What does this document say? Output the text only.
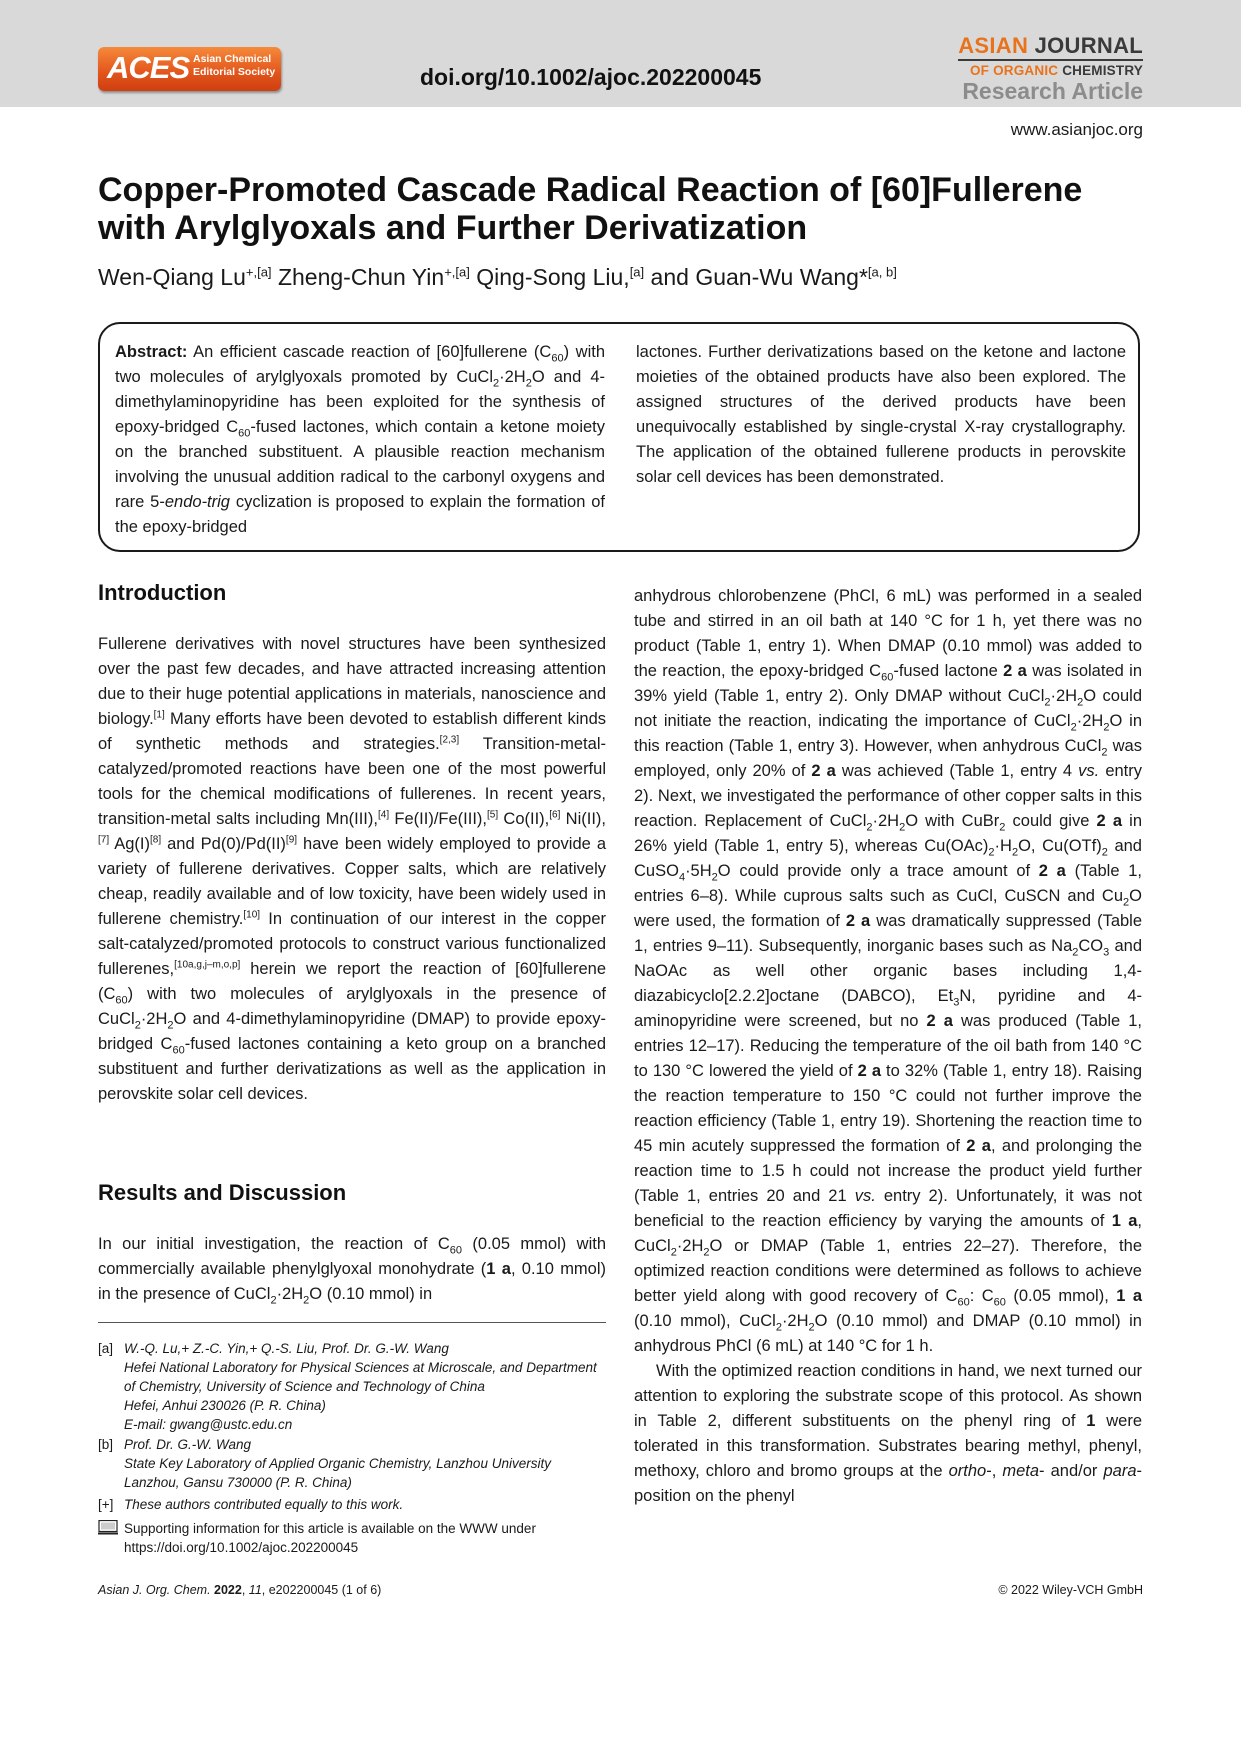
ACES Asian Chemical Editorial Society	doi.org/10.1002/ajoc.202200045
ASIAN JOURNAL
OF ORGANIC CHEMISTRY
Research Article
www.asianjoc.org
Copper-Promoted Cascade Radical Reaction of [60]Fullerene with Arylglyoxals and Further Derivatization
Wen-Qiang $Lu^{+,[a]}$ Zheng-Chun Yin$^{+,[a]}$ Qing-Song Liu,[a] and Guan-Wu Wang*[a, b]
Abstract: An efficient cascade reaction of [60]fullerene $(C_{60})$ with two molecules of arylglyoxals promoted by $CuCl_2\cdot 2H_2O$ and 4-dimethylaminopyridine has been exploited for the synthesis of epoxy-bridged $C_{60}$-fused lactones, which contain a ketone moiety on the branched substituent. A plausible reaction mechanism involving the unusual addition radical to the carbonyl oxygens and rare 5-endo-trig cyclization is proposed to explain the formation of the epoxy-bridged
lactones. Further derivatizations based on the ketone and lactone moieties of the obtained products have also been explored. The assigned structures of the derived products have been unequivocally established by single-crystal X-ray crystallography. The application of the obtained fullerene products in perovskite solar cell devices has been demonstrated.
Introduction

Fullerene derivatives with novel structures have been synthesized over the past few decades, and have attracted increasing attention due to their huge potential applications in materials, nanoscience and biology.[1] Many efforts have been devoted to establish different kinds of synthetic methods and strategies.[2,3] Transition-metal-catalyzed/promoted reactions have been one of the most powerful tools for the chemical modifications of fullerenes. In recent years, transition-metal salts including Mn(III),[4] Fe(II)/Fe(III),[5] Co(II),[6] Ni(II),[7] Ag(I)[8] and Pd(0)/Pd(II)[9] have been widely employed to provide a variety of fullerene derivatives. Copper salts, which are relatively cheap, readily available and of low toxicity, have been widely used in fullerene chemistry.[10] In continuation of our interest in the copper salt-catalyzed/promoted protocols to construct various functionalized fullerenes,[10a,g,j–m,o,p] herein we report the reaction of [60]fullerene $(C_{60})$ with two molecules of arylglyoxals in the presence of $CuCl_2\cdot 2H_2O$ and 4-dimethylaminopyridine (DMAP) to provide epoxy-bridged $C_{60}$-fused lactones containing a keto group on a branched substituent and further derivatizations as well as the application in perovskite solar cell devices.

Results and Discussion

In our initial investigation, the reaction of $C_{60}$ (0.05 mmol) with commercially available phenylglyoxal monohydrate (1 a, 0.10 mmol) in the presence of $CuCl_2\cdot 2H_2O$ (0.10 mmol) in

[a] W.-Q. Lu,+ Z.-C. Yin,+ Q.-S. Liu, Prof. Dr. G.-W. Wang
Hefei National Laboratory for Physical Sciences at Microscale, and Department of Chemistry, University of Science and Technology of China
Hefei, Anhui 230026 (P. R. China)
E-mail: gwang@ustc.edu.cn
[b] Prof. Dr. G.-W. Wang
State Key Laboratory of Applied Organic Chemistry, Lanzhou University
Lanzhou, Gansu 730000 (P. R. China)
[+] These authors contributed equally to this work.
Supporting information for this article is available on the WWW under https://doi.org/10.1002/ajoc.202200045

anhydrous chlorobenzene (PhCl, 6 mL) was performed in a sealed tube and stirred in an oil bath at 140 °C for 1 h, yet there was no product (Table 1, entry 1). When DMAP (0.10 mmol) was added to the reaction, the epoxy-bridged $C_{60}$-fused lactone 2 a was isolated in 39% yield (Table 1, entry 2). Only DMAP without $CuCl_2\cdot 2H_2O$ could not initiate the reaction, indicating the importance of $CuCl_2\cdot 2H_2O$ in this reaction (Table 1, entry 3). However, when anhydrous CuCl$_2$ was employed, only 20% of 2 a was achieved (Table 1, entry 4 vs. entry 2). Next, we investigated the performance of other copper salts in this reaction. Replacement of $CuCl_2\cdot 2H_2O$ with CuBr$_2$ could give 2 a in 26% yield (Table 1, entry 5), whereas $Cu(OAc)_2\cdot H_2O$, $Cu(OTf)_2$ and $CuSO_4\cdot 5H_2O$ could provide only a trace amount of 2 a (Table 1, entries 6–8). While cuprous salts such as CuCl, CuSCN and $Cu_2O$ were used, the formation of 2 a was dramatically suppressed (Table 1, entries 9–11). Subsequently, inorganic bases such as $Na_2CO_3$ and NaOAc as well other organic bases including 1,4-diazabicyclo[2.2.2]octane (DABCO), $Et_3N$, pyridine and 4-aminopyridine were screened, but no 2 a was produced (Table 1, entries 12–17). Reducing the temperature of the oil bath from 140 °C to 130 °C lowered the yield of 2 a to 32% (Table 1, entry 18). Raising the reaction temperature to 150 °C could not further improve the reaction efficiency (Table 1, entry 19). Shortening the reaction time to 45 min acutely suppressed the formation of 2 a, and prolonging the reaction time to 1.5 h could not increase the product yield further (Table 1, entries 20 and 21 vs. entry 2). Unfortunately, it was not beneficial to the reaction efficiency by varying the amounts of 1 a, $CuCl_2\cdot 2H_2O$ or DMAP (Table 1, entries 22–27). Therefore, the optimized reaction conditions were determined as follows to achieve better yield along with good recovery of $C_{60}$: $C_{60}$ (0.05 mmol), 1 a (0.10 mmol), $CuCl_2\cdot 2H_2O$ (0.10 mmol) and DMAP (0.10 mmol) in anhydrous PhCl (6 mL) at 140 °C for 1 h.

With the optimized reaction conditions in hand, we next turned our attention to exploring the substrate scope of this protocol. As shown in Table 2, different substituents on the phenyl ring of 1 were tolerated in this transformation. Substrates bearing methyl, phenyl, methoxy, chloro and bromo groups at the ortho-, meta- and/or para-position on the phenyl

Asian J. Org. Chem. 2022, 11, e202200045 (1 of 6)	© 2022 Wiley-VCH GmbH
